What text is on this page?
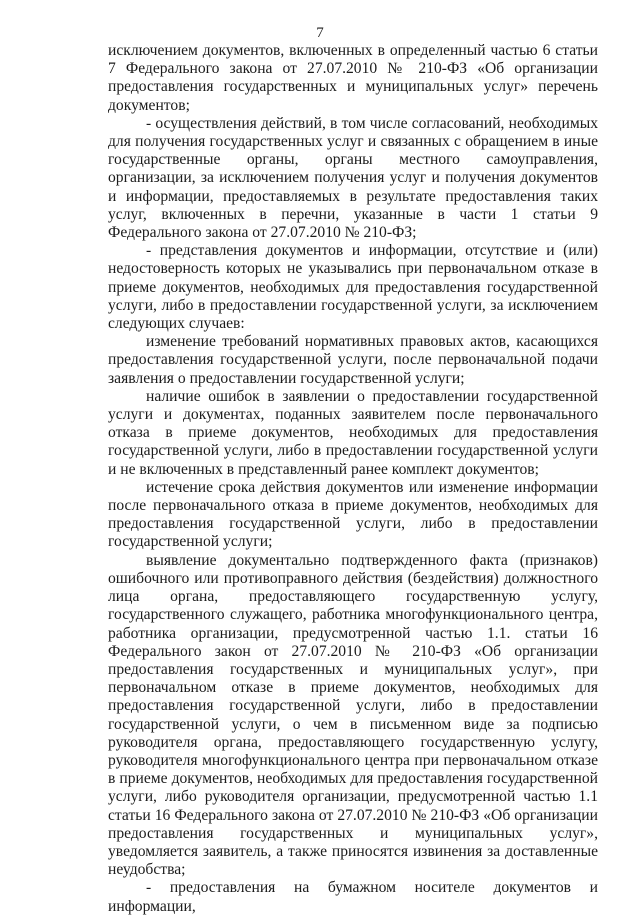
7

исключением документов, включенных в определенный частью 6 статьи 7 Федерального закона от 27.07.2010 № 210-ФЗ «Об организации предоставления государственных и муниципальных услуг» перечень документов;

- осуществления действий, в том числе согласований, необходимых для получения государственных услуг и связанных с обращением в иные государственные органы, органы местного самоуправления, организации, за исключением получения услуг и получения документов и информации, предоставляемых в результате предоставления таких услуг, включенных в перечни, указанные в части 1 статьи 9 Федерального закона от 27.07.2010 № 210-ФЗ;

- представления документов и информации, отсутствие и (или) недостоверность которых не указывались при первоначальном отказе в приеме документов, необходимых для предоставления государственной услуги, либо в предоставлении государственной услуги, за исключением следующих случаев:

изменение требований нормативных правовых актов, касающихся предоставления государственной услуги, после первоначальной подачи заявления о предоставлении государственной услуги;

наличие ошибок в заявлении о предоставлении государственной услуги и документах, поданных заявителем после первоначального отказа в приеме документов, необходимых для предоставления государственной услуги, либо в предоставлении государственной услуги и не включенных в представленный ранее комплект документов;

истечение срока действия документов или изменение информации после первоначального отказа в приеме документов, необходимых для предоставления государственной услуги, либо в предоставлении государственной услуги;

выявление документально подтвержденного факта (признаков) ошибочного или противоправного действия (бездействия) должностного лица органа, предоставляющего государственную услугу, государственного служащего, работника многофункционального центра, работника организации, предусмотренной частью 1.1. статьи 16 Федерального закон от 27.07.2010 № 210-ФЗ «Об организации предоставления государственных и муниципальных услуг», при первоначальном отказе в приеме документов, необходимых для предоставления государственной услуги, либо в предоставлении государственной услуги, о чем в письменном виде за подписью руководителя органа, предоставляющего государственную услугу, руководителя многофункционального центра при первоначальном отказе в приеме документов, необходимых для предоставления государственной услуги, либо руководителя организации, предусмотренной частью 1.1 статьи 16 Федерального закона от 27.07.2010 № 210-ФЗ «Об организации предоставления государственных и муниципальных услуг», уведомляется заявитель, а также приносятся извинения за доставленные неудобства;

- предоставления на бумажном носителе документов и информации,
